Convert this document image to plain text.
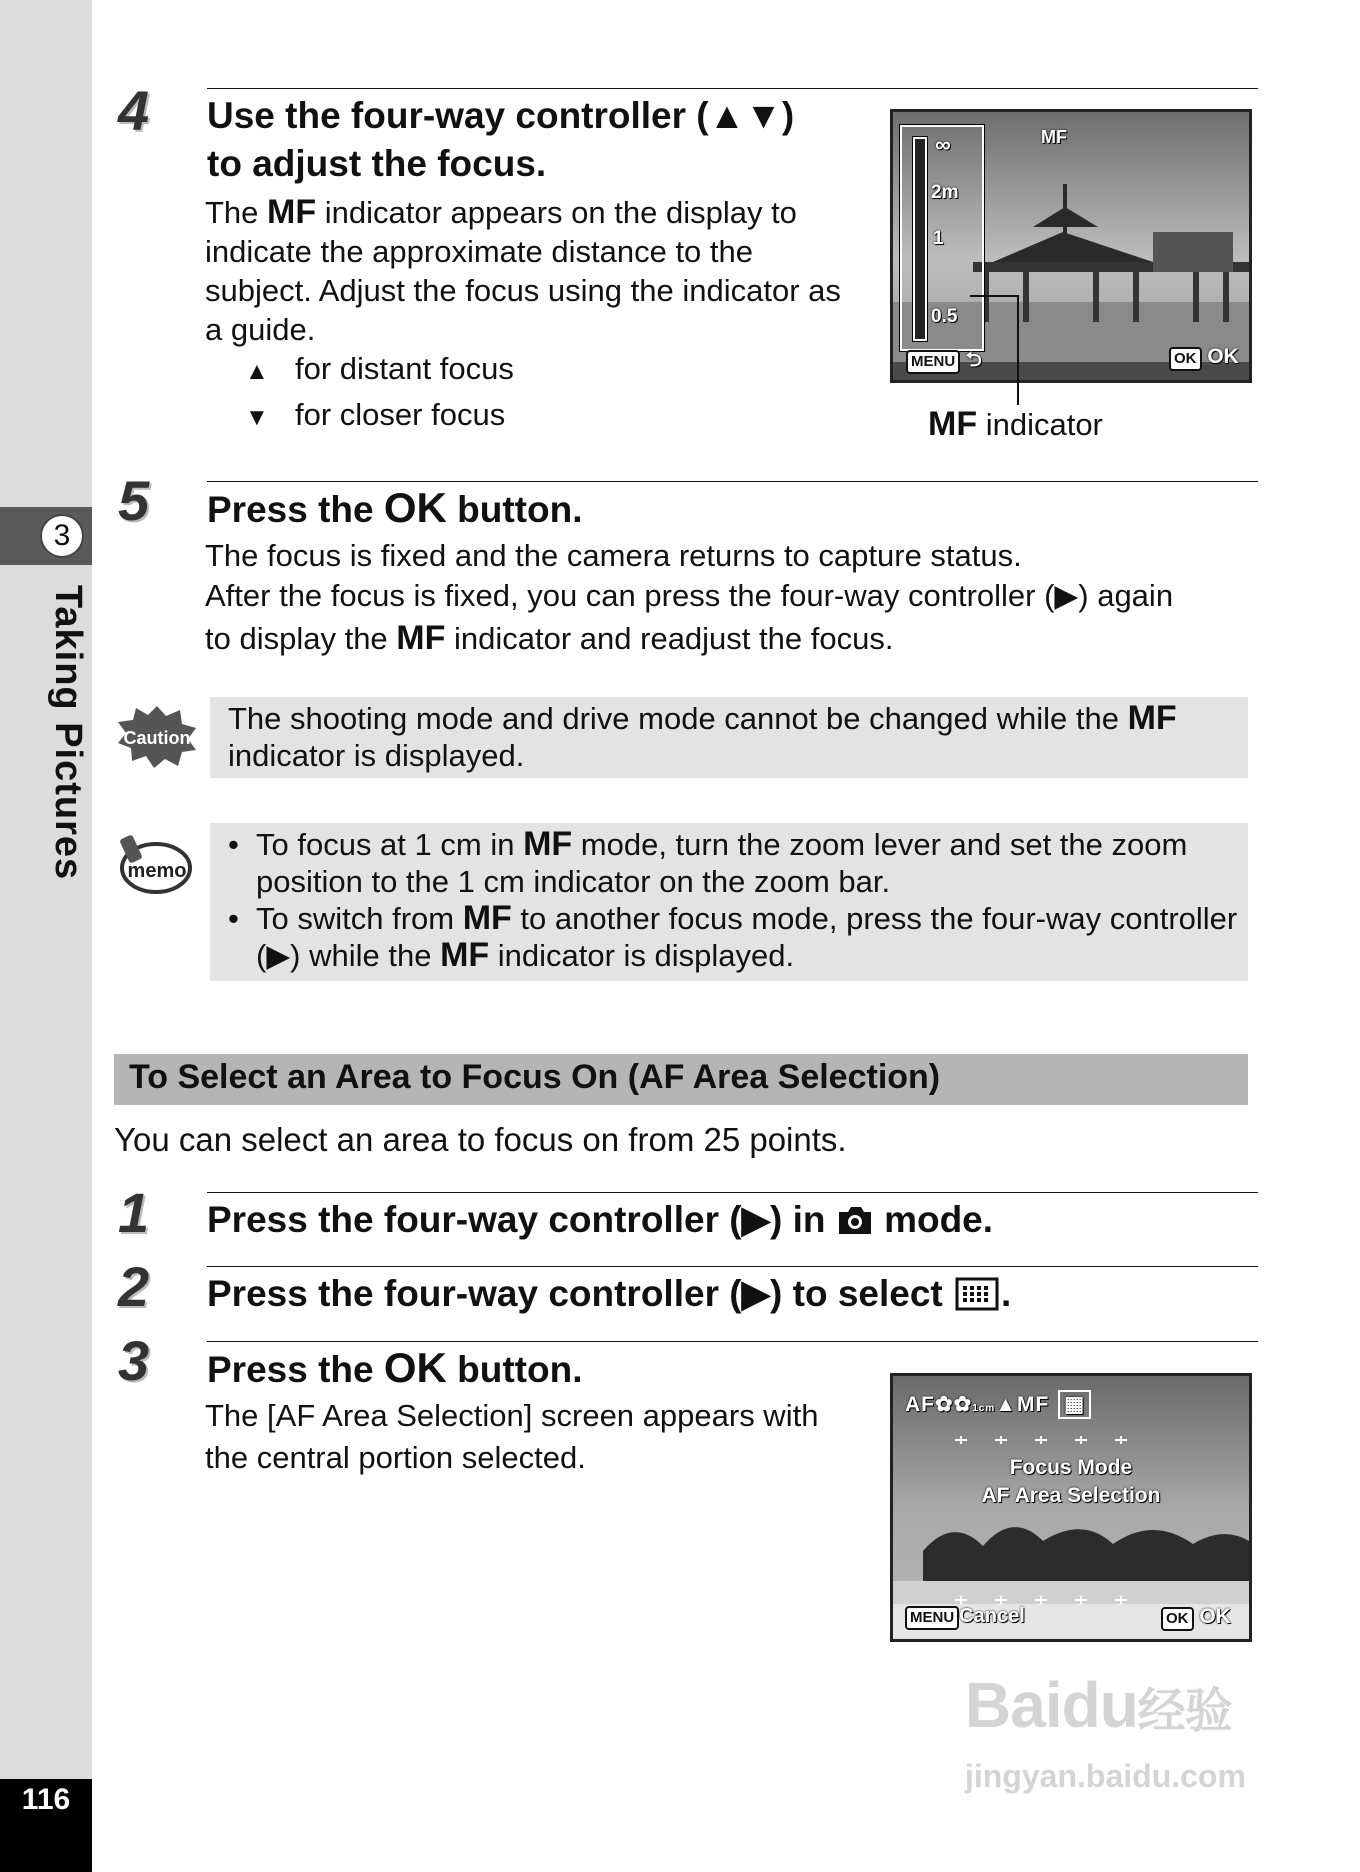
3
Taking Pictures
116
4 Use the four-way controller (▲▼)
to adjust the focus.
The MF indicator appears on the display to indicate the approximate distance to the subject. Adjust the focus using the indicator as a guide.
▲ for distant focus
▼ for closer focus
∞
2m
1
0.5
MF
MENU ⮌	OK OK
MF indicator
5 Press the OK button.
The focus is fixed and the camera returns to capture status.
After the focus is fixed, you can press the four-way controller (▶) again
to display the MF indicator and readjust the focus.
Caution
The shooting mode and drive mode cannot be changed while the MF indicator is displayed.
memo
• To focus at 1 cm in MF mode, turn the zoom lever and set the zoom position to the 1 cm indicator on the zoom bar.
• To switch from MF to another focus mode, press the four-way controller (▶) while the MF indicator is displayed.
To Select an Area to Focus On (AF Area Selection)
You can select an area to focus on from 25 points.
1 Press the four-way controller (▶) in  mode.
2 Press the four-way controller (▶) to select .
3 Press the OK button.
The [AF Area Selection] screen appears with the central portion selected.
AF✿✿1cm▲MF ▦
Focus Mode
AF Area Selection
MENU Cancel	OK OK
Baidu经验
jingyan.baidu.com
